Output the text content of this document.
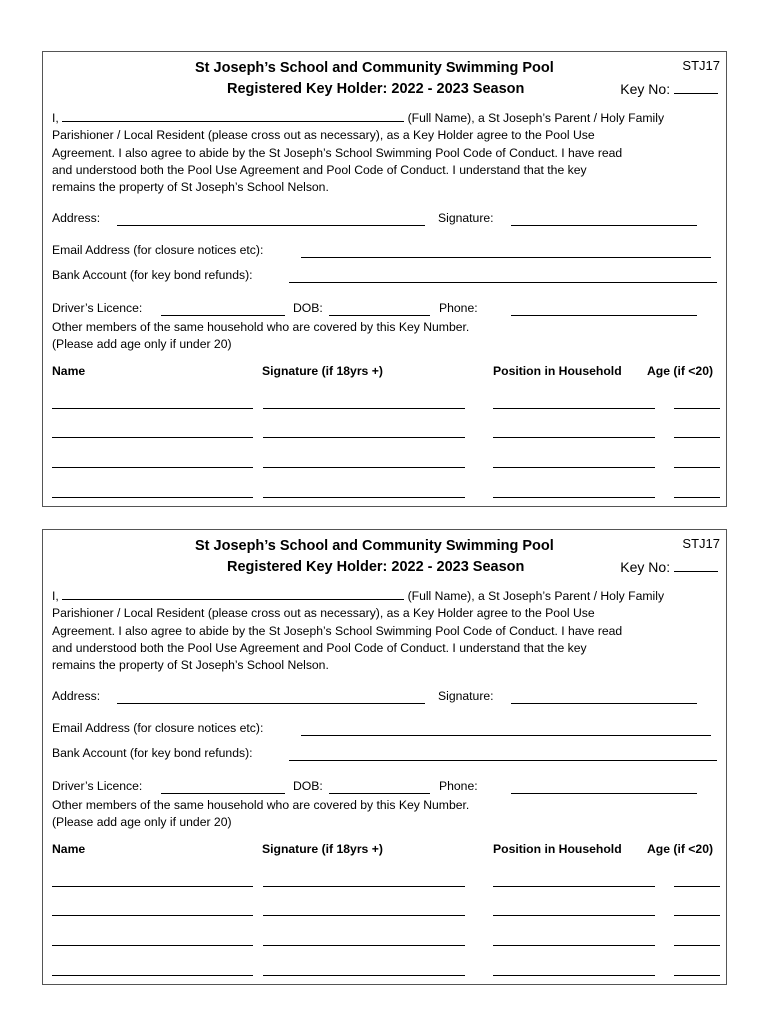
STJ17
St Joseph’s School and Community Swimming Pool
Registered Key Holder: 2022 - 2023 Season	Key No:

I,	(Full Name), a St Joseph’s Parent / Holy Family
Parishioner / Local Resident (please cross out as necessary), as a Key Holder agree to the Pool Use
Agreement. I also agree to abide by the St Joseph’s School Swimming Pool Code of Conduct. I have read
and understood both the Pool Use Agreement and Pool Code of Conduct. I understand that the key
remains the property of St Joseph’s School Nelson.

Address:	Signature:
Email Address (for closure notices etc):
Bank Account (for key bond refunds):
Driver’s Licence:	DOB:	Phone:
Other members of the same household who are covered by this Key Number.
(Please add age only if under 20)
Name	Signature (if 18yrs +)	Position in Household Age (if <20)
STJ17
St Joseph’s School and Community Swimming Pool
Registered Key Holder: 2022 - 2023 Season	Key No:

I,	(Full Name), a St Joseph’s Parent / Holy Family
Parishioner / Local Resident (please cross out as necessary), as a Key Holder agree to the Pool Use
Agreement. I also agree to abide by the St Joseph’s School Swimming Pool Code of Conduct. I have read
and understood both the Pool Use Agreement and Pool Code of Conduct. I understand that the key
remains the property of St Joseph’s School Nelson.

Address:	Signature:
Email Address (for closure notices etc):
Bank Account (for key bond refunds):
Driver’s Licence:	DOB:	Phone:
Other members of the same household who are covered by this Key Number.
(Please add age only if under 20)
Name	Signature (if 18yrs +)	Position in Household Age (if <20)
